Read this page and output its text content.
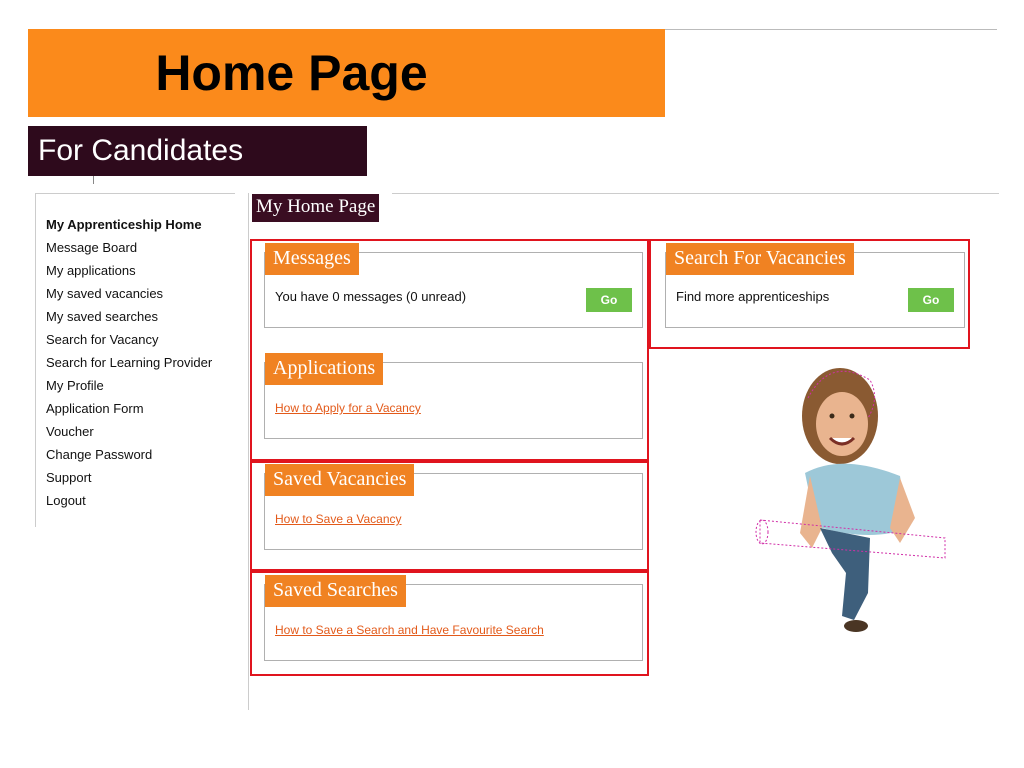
Home Page
For Candidates
My Apprenticeship Home
Message Board
My applications
My saved vacancies
My saved searches
Search for Vacancy
Search for Learning Provider
My Profile
Application Form
Voucher
Change Password
Support
Logout
My Home Page
Messages
You have 0 messages (0 unread)	Go
Applications
How to Apply for a Vacancy
Saved Vacancies
How to Save a Vacancy
Saved Searches
How to Save a Search and Have Favourite Search
Search For Vacancies
Find more apprenticeships	Go
